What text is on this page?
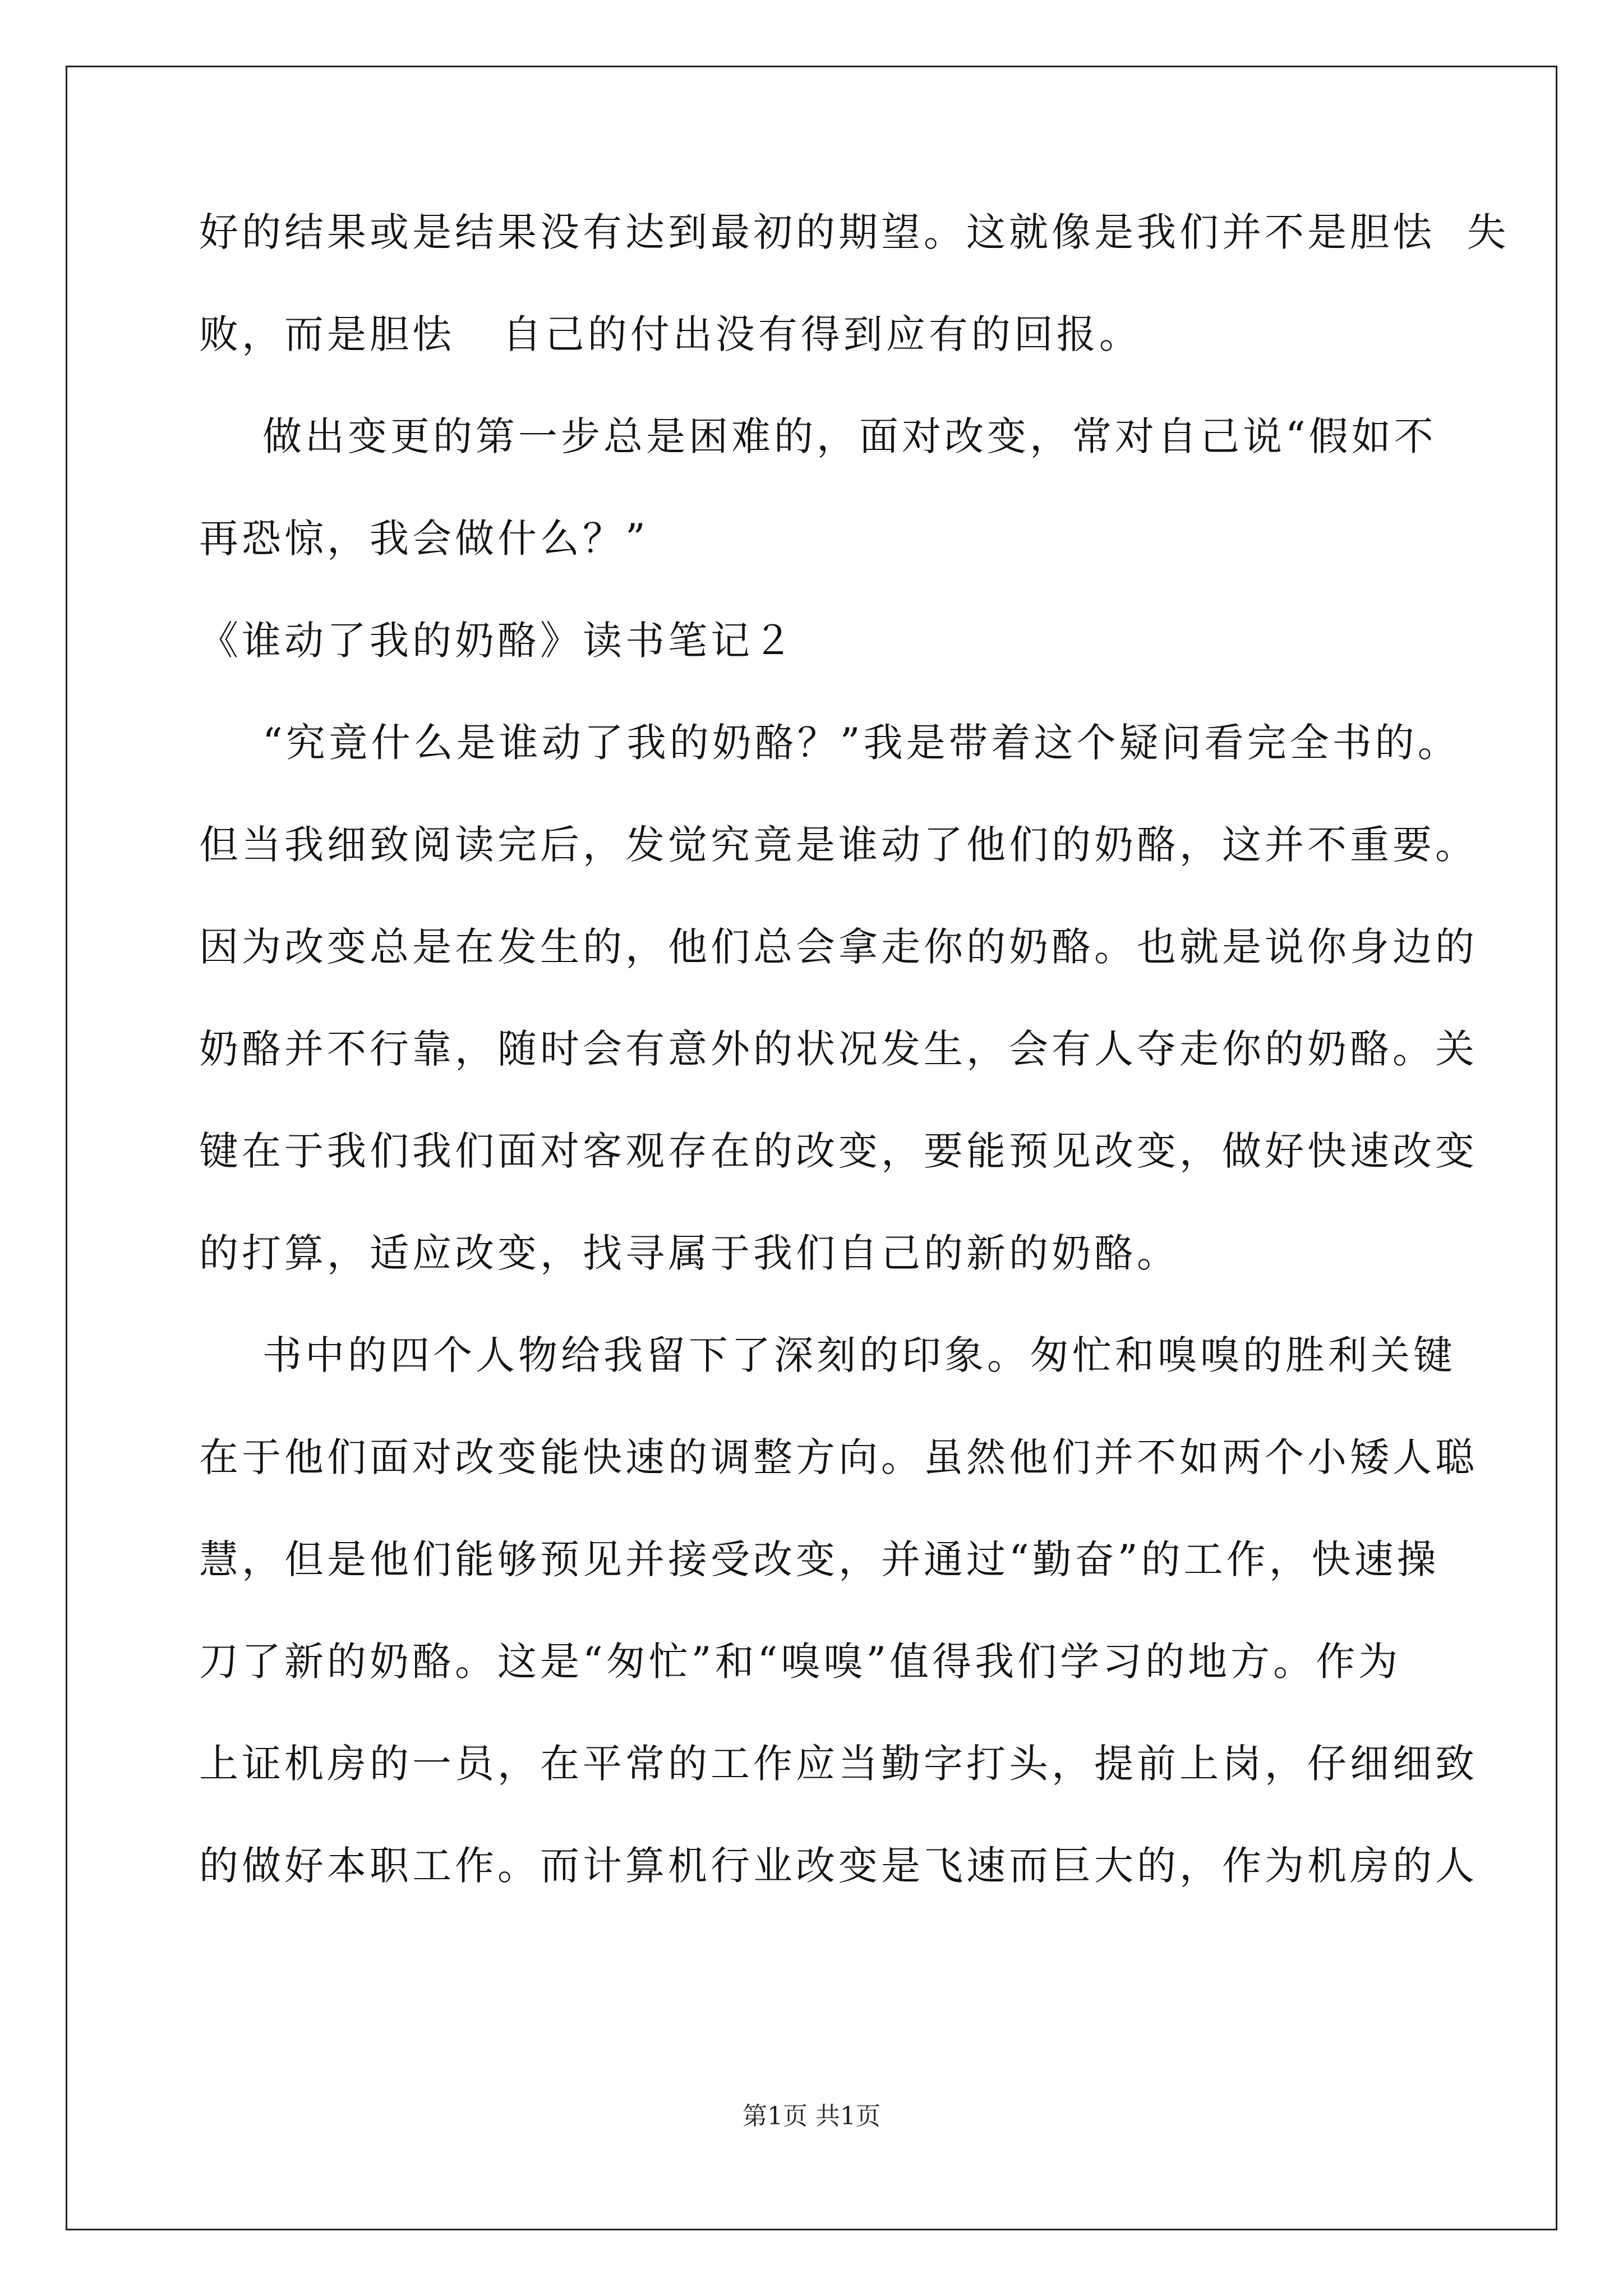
好的结果或是结果没有达到最初的期望。这就像是我们并不是胆怯  失

败，而是胆怯   自己的付出没有得到应有的回报。

做出变更的第一步总是困难的，面对改变，常对自己说“假如不

再恐惊，我会做什么？”

《谁动了我的奶酪》读书笔记２

“究竟什么是谁动了我的奶酪？”我是带着这个疑问看完全书的。

但当我细致阅读完后，发觉究竟是谁动了他们的奶酪，这并不重要。

因为改变总是在发生的，他们总会拿走你的奶酪。也就是说你身边的

奶酪并不行靠，随时会有意外的状况发生，会有人夺走你的奶酪。关

键在于我们我们面对客观存在的改变，要能预见改变，做好快速改变

的打算，适应改变，找寻属于我们自己的新的奶酪。

书中的四个人物给我留下了深刻的印象。匆忙和嗅嗅的胜利关键

在于他们面对改变能快速的调整方向。虽然他们并不如两个小矮人聪

慧，但是他们能够预见并接受改变，并通过“勤奋”的工作，快速操

刀了新的奶酪。这是“匆忙”和“嗅嗅”值得我们学习的地方。作为

上证机房的一员，在平常的工作应当勤字打头，提前上岗，仔细细致

的做好本职工作。而计算机行业改变是飞速而巨大的，作为机房的人

第1页 共1页
